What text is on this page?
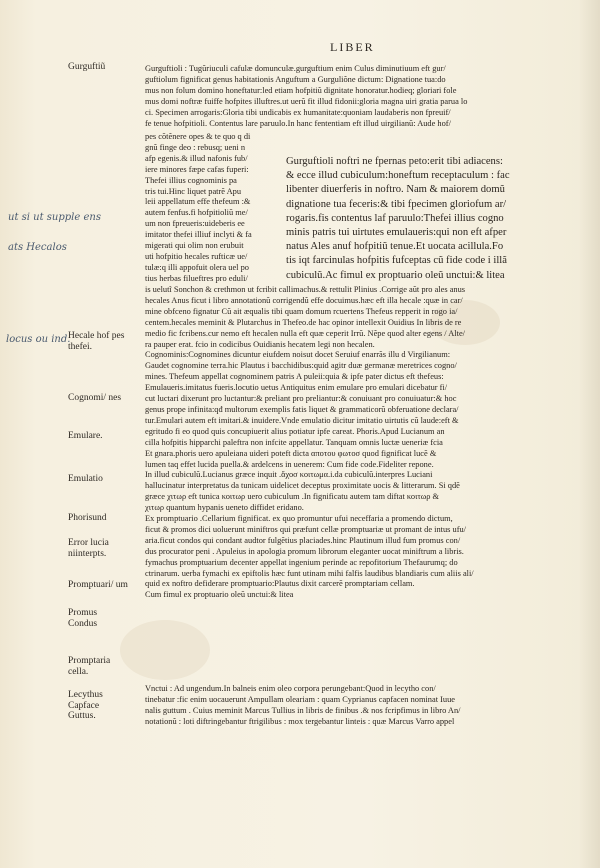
LIBER
Gurguftiũ
Hecale hof pes thefei.
Cognomi/ nes
Emulare.
Emulatio
Phorisund
Error lucia niinterpts.
Promptuari/ um
Promus Condus
Promptaria cella.
Lecythus Capface Guttus.
ut si ut supple ens
ats Hecalos
locus ou ind.

Gurguftioli : Tugũriuculi cafulæ domunculæ.gurguftium enim Culus diminutiuum eft gur/

guftiolum fignificat genus habitationis Anguftum a Gurguliõne dictum: Dignatione tua:do

mus non folum domino honeftatur:led etiam hofpitiũ dignitate honoratur.hodieq; gloriari fole

mus domi noftræ fuiffe hofpites illuftres.ut uerũ fit illud fidonii:gloria magna uiri gratia parua lo

ci. Specimen arrogaris:Gloria tibi undicabis ex humanitate:quoniam laudaberis non fpreuif/

fe tenue hofpitioli. Contentus lare paruulo.In hanc fententiam eft illud uirgilianũ: Aude hof/

pes cõtẽnere opes & te quo q di

gnũ finge deo : rebusq; ueni n

afp egenis.& illud nafonis fub/

iere minores fæpe cafas fuperi:

Thefei illius cognominis pa

tris tui.Hinc liquet patrẽ Apu

leii appellatum effe thefeum :&

autem fenfus.fi hofpitioliũ me/

um non fpreueris:uideberis ee

imitator thefei illiuf inclyti & fa

migerati qui olim non erubuit

uti hofpitio hecales rufticæ ue/

tulæ:q illi appofuit olera uel po

tius herbas filueftres pro eduli/

Gurguftioli noftri ne fpernas peto:erit tibi adiacens:
& ecce illud cubiculum:honeftum receptaculum : fac
libenter diuerferis in noftro. Nam & maiorem domũ
dignatione tua feceris:& tibi fpecimen gloriofum ar/
rogaris.fis contentus laf paruulo:Thefei illius cogno
minis patris tui uirtutes emulaueris:qui non eft afper
natus Ales anuf hofpitiũ tenue.Et uocata acillula.Fo
tis iqt farcinulas hofpitis fufceptas cũ fide code i illã
cubiculũ.Ac fimul ex proptuario oleũ unctui:& litea

is uelutĩ Sonchon & crethmon ut fcribit callimachus.& rettulit Plinius .Corrige aũt pro ales anus

hecales Anus ficut i libro annotationũ corrigendũ effe docuimus.hæc eft illa hecale :quæ in car/

mine obfceno fignatur Cũ ait æqualis tibi quam domum rcuertens Thefeus repperit in rogo ia/

centem.hecales meminit & Plutarchus in Thefeo.de hac opinor intellexit Ouidius In libris de re

medio fic fcribens.cur nemo eft hecalen nulla eft quæ ceperit Irrũ. Nẽpe quod alter egens / Alte/

ra pauper erat. fcio in codicibus Ouidianis hecatem legi non hecalen.

Cognominis:Cognomines dicuntur eiufdem noisut docet Seruiuf enarrãs illu d Virgilianum:

Gaudet cognomine terra.hic Plautus i bacchidibus:quid agitr duæ germanæ meretrices cogno/

mines. Thefeum appellat cognominem patris A puleii:quia & ipfe pater dictus eft thefeus:

Emulaueris.imitatus fueris.locutio uetus Antiquitus enim emulare pro emulari dicebatur fi/

cut luctari dixerunt pro luctantur:& preliant pro preliantur:& conuiuant pro conuiuatur:& hoc

genus prope infinita:qđ multorum exemplis fatis liquet & grammaticorũ obferuatione declara/

tur.Emulari autem eft imitari.& inuidere.Vnde emulatio dicitur imitatio uirtutis cũ laude:eft &

egritudo fi eo quod quis concupiuerit alius potiatur ipfe careat. Phoris.Apud Lucianum an

cilla hofpitis hipparchi paleftra non infcite appellatur. Tanquam omnis luctæ ueneriæ fcia

Et gnara.phoris uero apuleiana uideri poteft dicta αποτου φωτοσ quod fignificat lucẽ &

lumen taq effet lucida puella.& ardelcens in uenerem: Cum fide code.Fideliter repone.

In illud cubiculũ.Lucianus græce inquit .ἄχοσ κοιτωμα.i.da cubiculũ.interpres Luciani

hallucinatur interpretatus da tunicam uidelicet deceptus proximitate uocis & litterarum. Si qdẽ

græce χιτωρ eft tunica κοιτωρ uero cubiculum .In fignificatu autem tam diftat κοιτωρ &

χιτωρ quantum hypanis ueneto diffidet eridano.

Ex promptuario .Cellarium fignificat. ex quo promuntur ufui neceffaria a promendo dictum,

ficut & promos dici uoluerunt miniftros qui præfunt cellæ promptuariæ ut promant de intus ufu/

aria.ficut condos qui condant audtor fulgẽtius placiades.hinc Plautinum illud fum promus con/

dus procurator peni . Apuleius in apologia promum librorum eleganter uocat miniftrum a libris.

fymachus promptuarium decenter appellat ingenium perinde ac repofitorium Thefaurumq; do

ctrinarum. uerba fymachi ex epiftolis hæc funt utinam mihi falfis laudibus blandiaris cum aliis ali/

quid ex noftro defiderare promptuario:Plautus dixit carcerẽ promptariam cellam.

Cum fimul ex proptuario oleũ unctui:& litea

Vnctui : Ad ungendum.In balneis enim oleo corpora perungebant:Quod in lecytho con/

tinebatur :fic enim uocauerunt Ampullam oleariam : quam Cyprianus capfacen nominat Iuue

nalis guttum . Cuius meminit Marcus Tullius in libris de finibus .& nos fcripfimus in libro An/

notationũ : loti diftringebantur ftrigilibus : mox tergebantur linteis : quæ Marcus Varro appel
